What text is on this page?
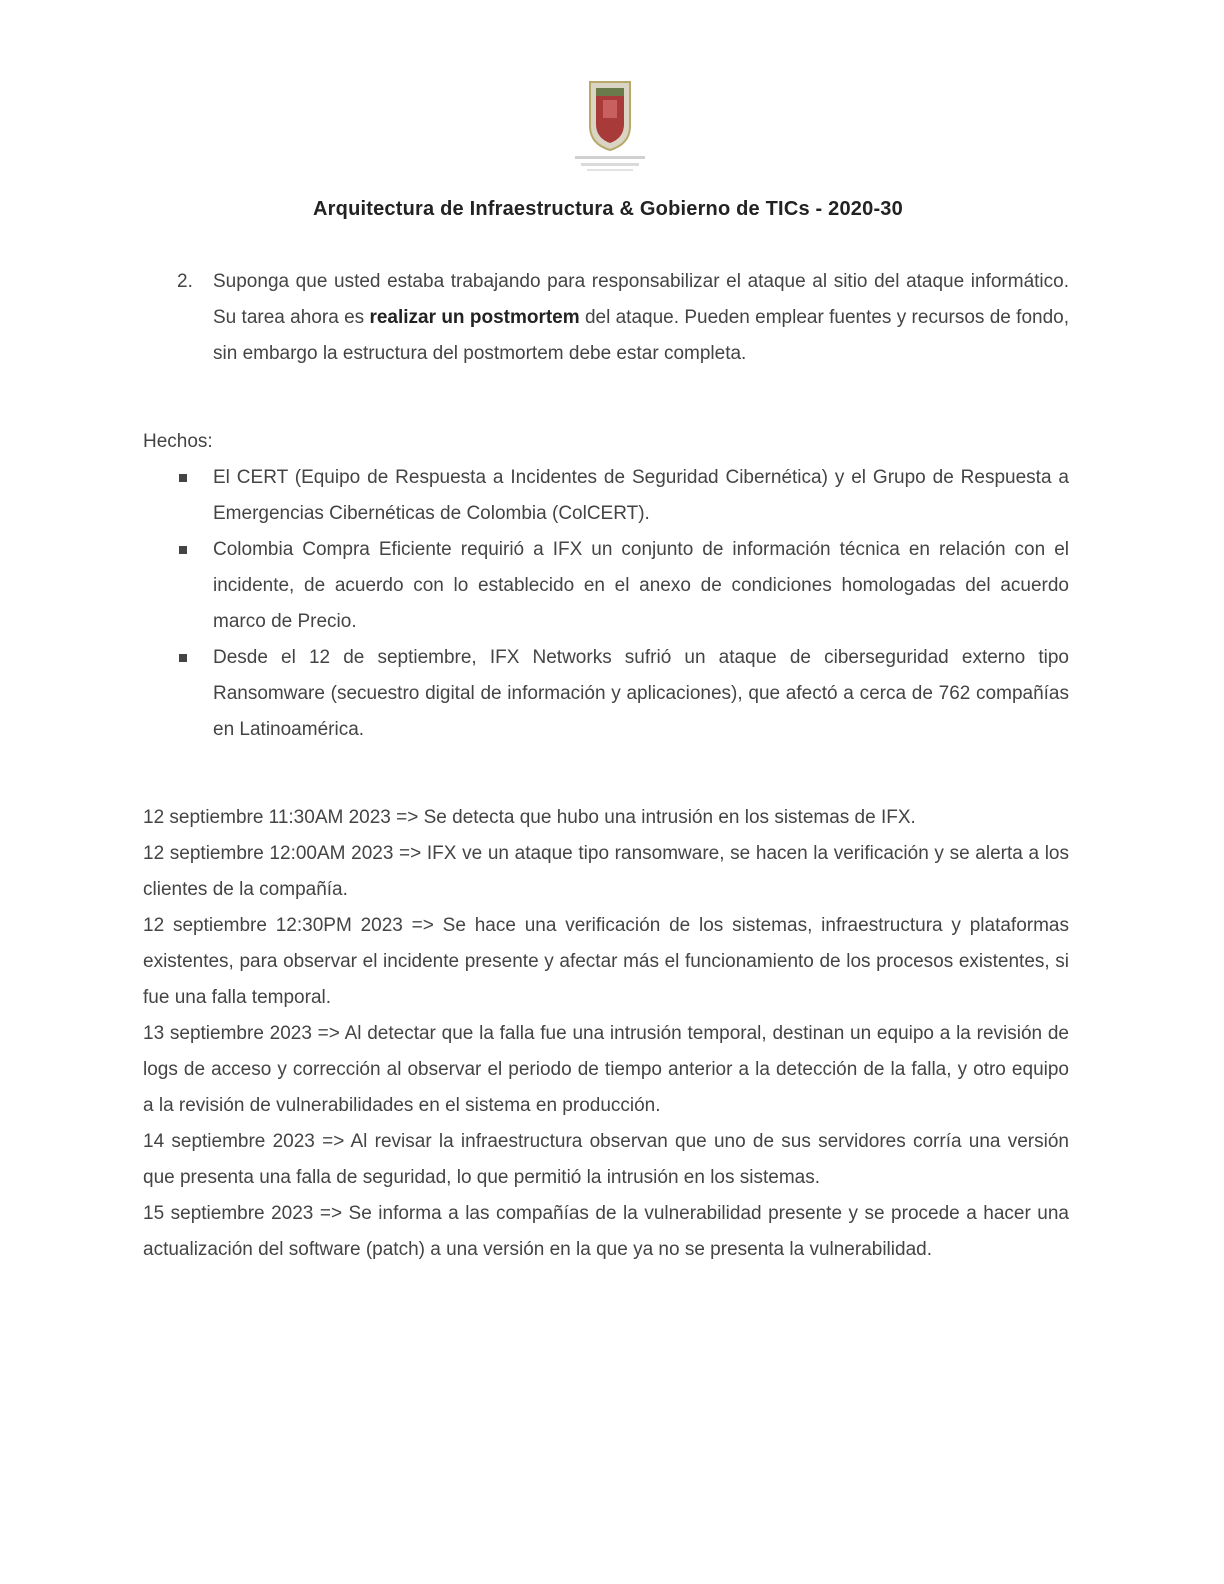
Arquitectura de Infraestructura & Gobierno de TICs - 2020-30
2. Suponga que usted estaba trabajando para responsabilizar el ataque al sitio del ataque informático. Su tarea ahora es realizar un postmortem del ataque. Pueden emplear fuentes y recursos de fondo, sin embargo la estructura del postmortem debe estar completa.
Hechos:
El CERT (Equipo de Respuesta a Incidentes de Seguridad Cibernética) y el Grupo de Respuesta a Emergencias Cibernéticas de Colombia (ColCERT).
Colombia Compra Eficiente requirió a IFX un conjunto de información técnica en relación con el incidente, de acuerdo con lo establecido en el anexo de condiciones homologadas del acuerdo marco de Precio.
Desde el 12 de septiembre, IFX Networks sufrió un ataque de ciberseguridad externo tipo Ransomware (secuestro digital de información y aplicaciones), que afectó a cerca de 762 compañías en Latinoamérica.

12 septiembre 11:30AM 2023 => Se detecta que hubo una intrusión en los sistemas de IFX.

12 septiembre 12:00AM 2023 => IFX ve un ataque tipo ransomware, se hacen la verificación y se alerta a los clientes de la compañía.

12 septiembre 12:30PM 2023 => Se hace una verificación de los sistemas, infraestructura y plataformas existentes, para observar el incidente presente y afectar más el funcionamiento de los procesos existentes, si fue una falla temporal.

13 septiembre 2023 => Al detectar que la falla fue una intrusión temporal, destinan un equipo a la revisión de logs de acceso y corrección al observar el periodo de tiempo anterior a la detección de la falla, y otro equipo a la revisión de vulnerabilidades en el sistema en producción.

14 septiembre 2023 => Al revisar la infraestructura observan que uno de sus servidores corría una versión que presenta una falla de seguridad, lo que permitió la intrusión en los sistemas.

15 septiembre 2023 => Se informa a las compañías de la vulnerabilidad presente y se procede a hacer una actualización del software (patch) a una versión en la que ya no se presenta la vulnerabilidad.
